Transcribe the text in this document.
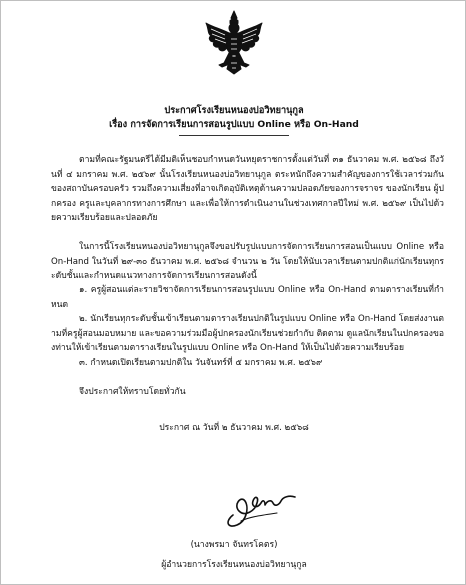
ประกาศโรงเรียนหนองบ่อวิทยานุกูล
เรื่อง การจัดการเรียนการสอนรูปแบบ Online หรือ On-Hand

ตามที่คณะรัฐมนตรีได้มีมติเห็นชอบกำหนดวันหยุดราชการตั้งแต่วันที่ ๓๑ ธันวาคม พ.ศ. ๒๕๖๘ ถึงวันที่ ๔ มกราคม พ.ศ. ๒๕๖๙ นั้นโรงเรียนหนองบ่อวิทยานุกูล ตระหนักถึงความสำคัญของการใช้เวลาร่วมกันของสถาบันครอบครัว รวมถึงความเสี่ยงที่อาจเกิดอุบัติเหตุด้านความปลอดภัยของการจราจร ของนักเรียน ผู้ปกครอง ครูและบุคลากรทางการศึกษา และเพื่อให้การดำเนินงานในช่วงเทศกาลปีใหม่ พ.ศ. ๒๕๖๙ เป็นไปด้วยความเรียบร้อยและปลอดภัย

ในการนี้โรงเรียนหนองบ่อวิทยานุกูลจึงขอปรับรูปแบบการจัดการเรียนการสอนเป็นแบบ Online หรือ On-Hand ในวันที่ ๒๙-๓๐ ธันวาคม พ.ศ. ๒๕๖๘ จำนวน ๒ วัน โดยให้นับเวลาเรียนตามปกติแก่นักเรียนทุกระดับชั้นและกำหนดแนวทางการจัดการเรียนการสอนดังนี้

๑. ครูผู้สอนแต่ละรายวิชาจัดการเรียนการสอนรูปแบบ Online หรือ On-Hand ตามตารางเรียนที่กำหนด

๒. นักเรียนทุกระดับชั้นเข้าเรียนตามตารางเรียนปกติในรูปแบบ Online หรือ On-Hand โดยส่งงานตามที่ครูผู้สอนมอบหมาย และขอความร่วมมือผู้ปกครองนักเรียนช่วยกำกับ ติดตาม ดูแลนักเรียนในปกครองของท่านให้เข้าเรียนตามตารางเรียนในรูปแบบ Online หรือ On-Hand ให้เป็นไปด้วยความเรียบร้อย

๓. กำหนดเปิดเรียนตามปกติใน วันจันทร์ที่ ๕ มกราคม พ.ศ. ๒๕๖๙

จึงประกาศให้ทราบโดยทั่วกัน

ประกาศ ณ วันที่ ๒ ธันวาคม พ.ศ. ๒๕๖๘
(นางพรมา จันทรโคตร)
ผู้อำนวยการโรงเรียนหนองบ่อวิทยานุกูล
